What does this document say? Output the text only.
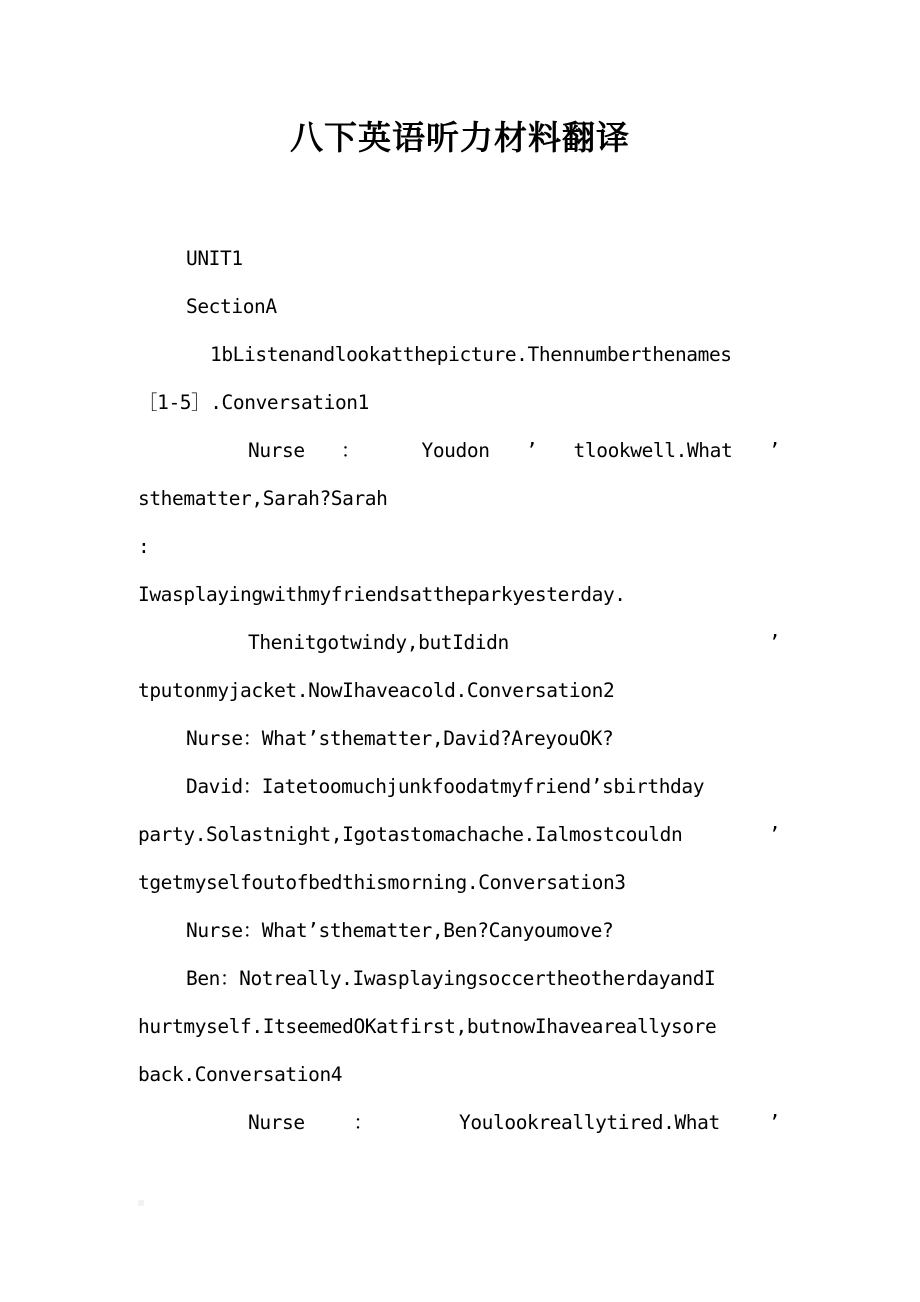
八下英语听力材料翻译

UNIT1

SectionA

1bListenandlookatthepicture.Thennumberthenames

［1-5］.Conversation1

Nurse ： Youdon ’ tlookwell.What ’

sthematter,Sarah?Sarah                                  :

Iwasplayingwithmyfriendsattheparkyesterday.

Thenitgotwindy,butIdidn ’

tputonmyjacket.NowIhaveacold.Conversation2

Nurse：What’sthematter,David?AreyouOK?

David：Iatetoomuchjunkfoodatmyfriend’sbirthday

party.Solastnight,Igotastomachache.Ialmostcouldn ’

tgetmyselfoutofbedthismorning.Conversation3

Nurse：What’sthematter,Ben?Canyoumove?

Ben：Notreally.IwasplayingsoccertheotherdayandI

hurtmyself.ItseemedOKatfirst,butnowIhaveareallysore

back.Conversation4

Nurse ： Youlookreallytired.What ’
